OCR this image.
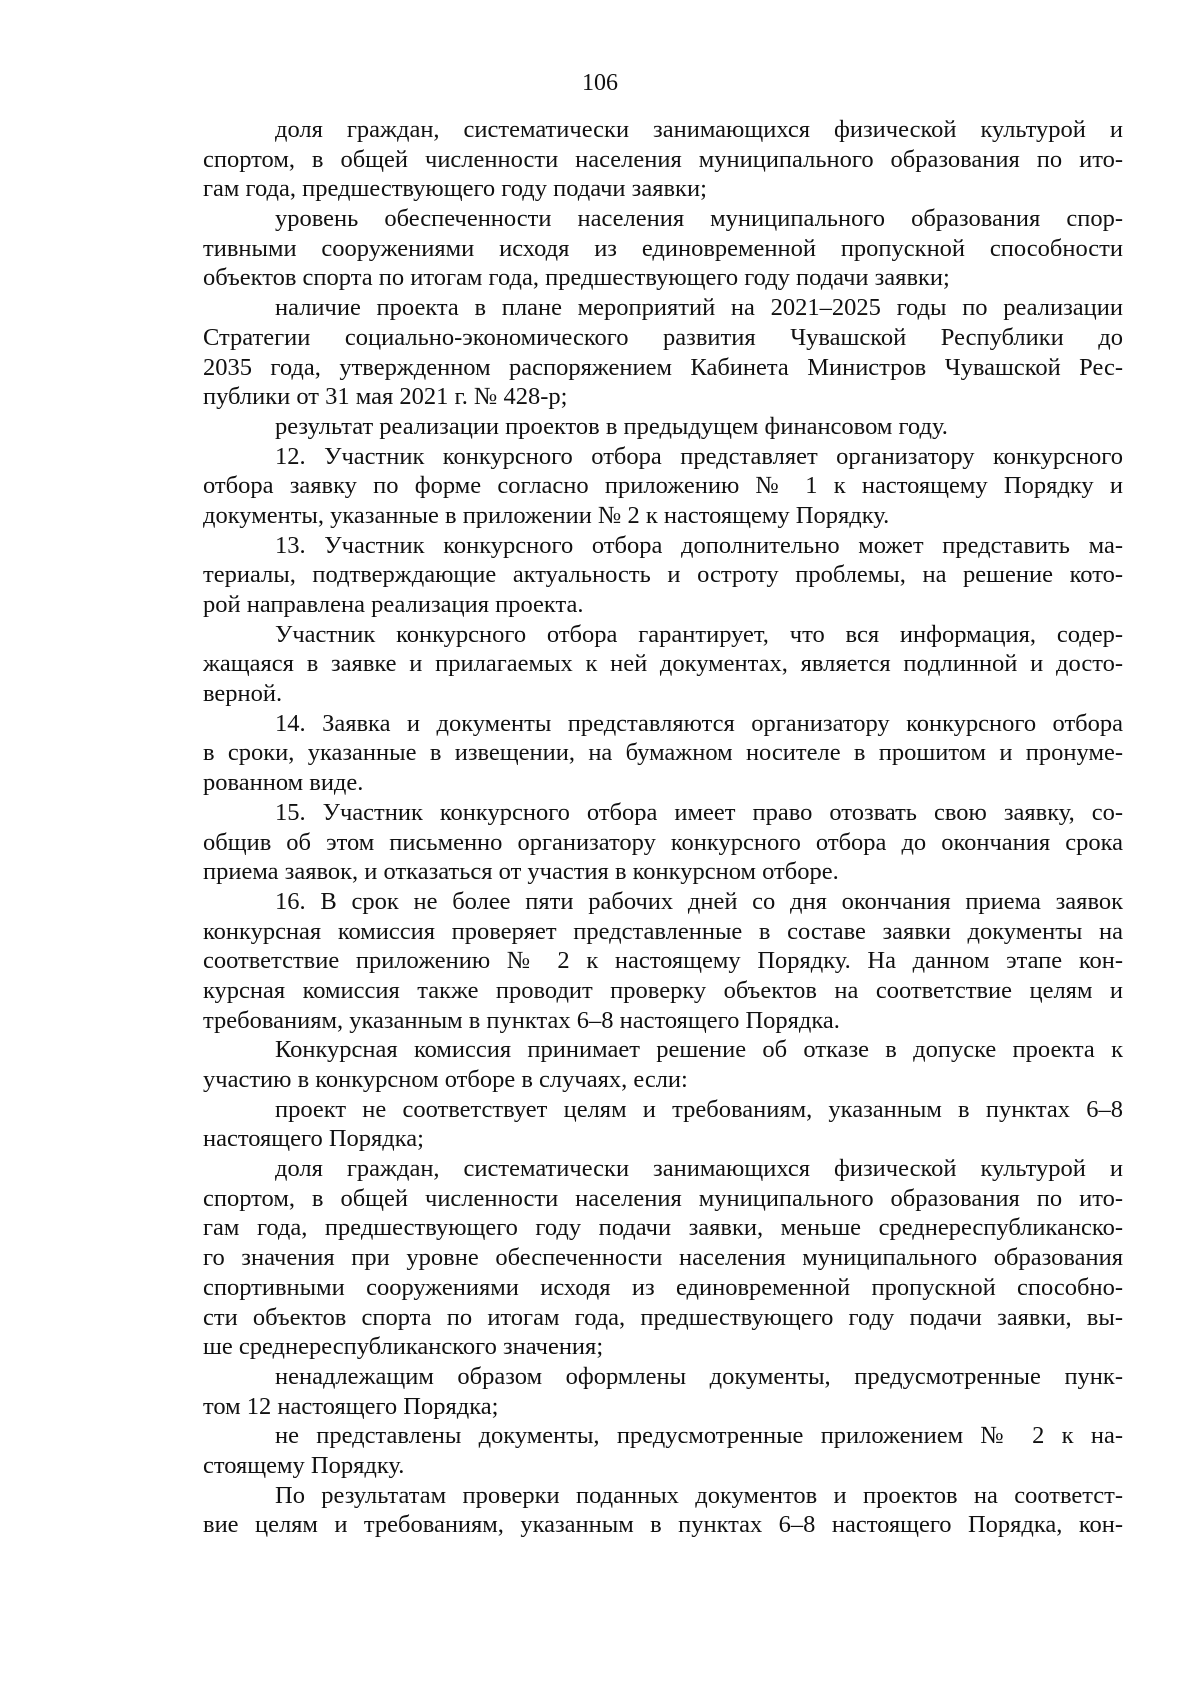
106
доля граждан, систематически занимающихся физической культурой и
спортом, в общей численности населения муниципального образования по ито-
гам года, предшествующего году подачи заявки;
уровень обеспеченности населения муниципального образования спор-
тивными сооружениями исходя из единовременной пропускной способности
объектов спорта по итогам года, предшествующего году подачи заявки;
наличие проекта в плане мероприятий на 2021–2025 годы по реализации
Стратегии социально-экономического развития Чувашской Республики до
2035 года, утвержденном распоряжением Кабинета Министров Чувашской Рес-
публики от 31 мая 2021 г. № 428-р;
результат реализации проектов в предыдущем финансовом году.
12. Участник конкурсного отбора представляет организатору конкурсного
отбора заявку по форме согласно приложению № 1 к настоящему Порядку и
документы, указанные в приложении № 2 к настоящему Порядку.
13. Участник конкурсного отбора дополнительно может представить ма-
териалы, подтверждающие актуальность и остроту проблемы, на решение кото-
рой направлена реализация проекта.
Участник конкурсного отбора гарантирует, что вся информация, содер-
жащаяся в заявке и прилагаемых к ней документах, является подлинной и досто-
верной.
14. Заявка и документы представляются организатору конкурсного отбора
в сроки, указанные в извещении, на бумажном носителе в прошитом и пронуме-
рованном виде.
15. Участник конкурсного отбора имеет право отозвать свою заявку, со-
общив об этом письменно организатору конкурсного отбора до окончания срока
приема заявок, и отказаться от участия в конкурсном отборе.
16. В срок не более пяти рабочих дней со дня окончания приема заявок
конкурсная комиссия проверяет представленные в составе заявки документы на
соответствие приложению № 2 к настоящему Порядку. На данном этапе кон-
курсная комиссия также проводит проверку объектов на соответствие целям и
требованиям, указанным в пунктах 6–8 настоящего Порядка.
Конкурсная комиссия принимает решение об отказе в допуске проекта к
участию в конкурсном отборе в случаях, если:
проект не соответствует целям и требованиям, указанным в пунктах 6–8
настоящего Порядка;
доля граждан, систематически занимающихся физической культурой и
спортом, в общей численности населения муниципального образования по ито-
гам года, предшествующего году подачи заявки, меньше среднереспубликанско-
го значения при уровне обеспеченности населения муниципального образования
спортивными сооружениями исходя из единовременной пропускной способно-
сти объектов спорта по итогам года, предшествующего году подачи заявки, вы-
ше среднереспубликанского значения;
ненадлежащим образом оформлены документы, предусмотренные пунк-
том 12 настоящего Порядка;
не представлены документы, предусмотренные приложением № 2 к на-
стоящему Порядку.
По результатам проверки поданных документов и проектов на соответст-
вие целям и требованиям, указанным в пунктах 6–8 настоящего Порядка, кон-
